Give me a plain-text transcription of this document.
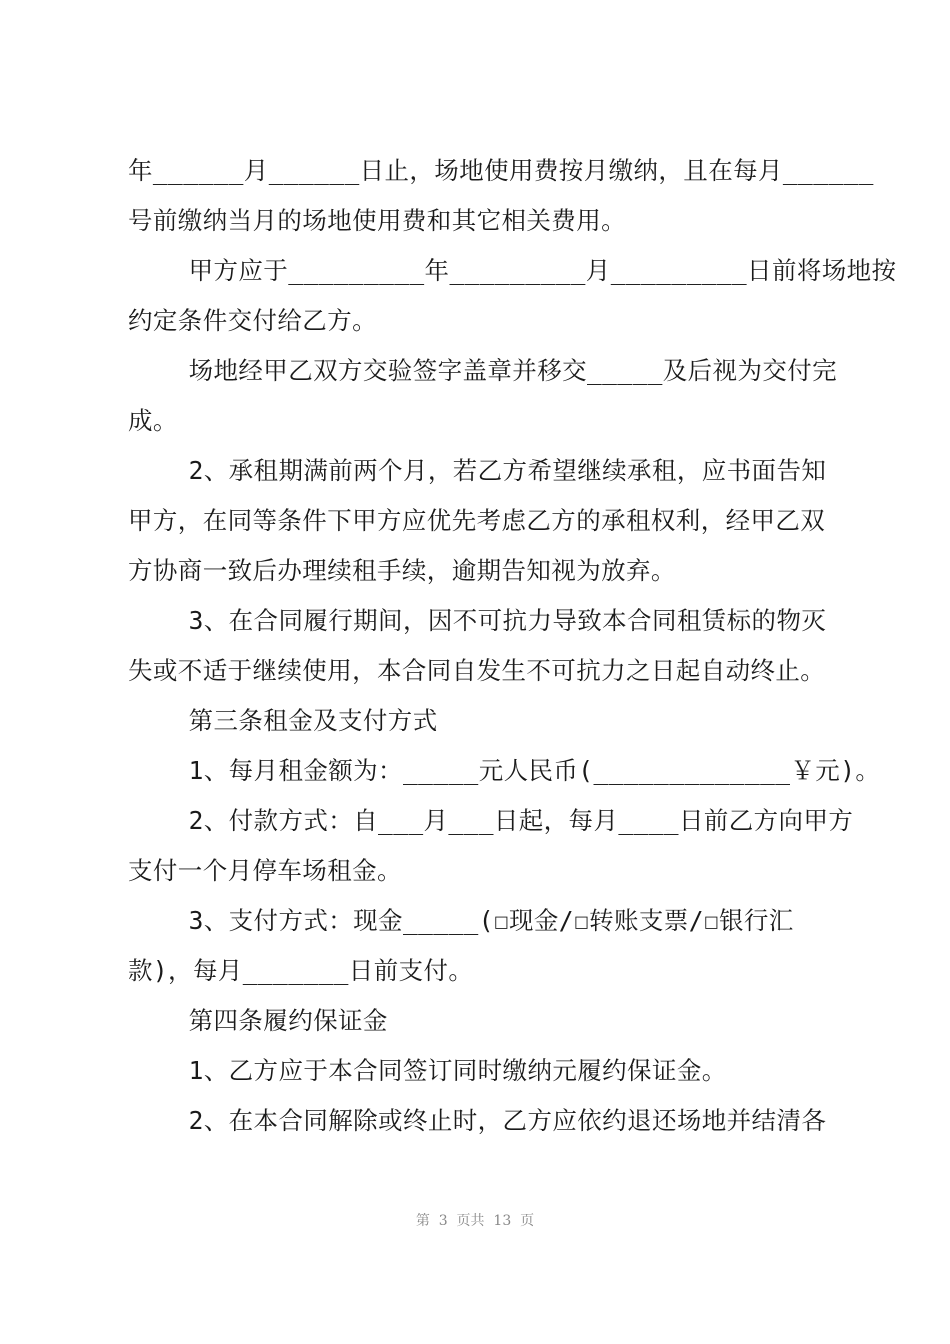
年______月______日止，场地使用费按月缴纳，且在每月______
号前缴纳当月的场地使用费和其它相关费用。
甲方应于_________年_________月_________日前将场地按
约定条件交付给乙方。
场地经甲乙双方交验签字盖章并移交_____及后视为交付完
成。
2、承租期满前两个月，若乙方希望继续承租，应书面告知
甲方，在同等条件下甲方应优先考虑乙方的承租权利，经甲乙双
方协商一致后办理续租手续，逾期告知视为放弃。
3、在合同履行期间，因不可抗力导致本合同租赁标的物灭
失或不适于继续使用，本合同自发生不可抗力之日起自动终止。
第三条租金及支付方式
1、每月租金额为：_____元人民币(_____________￥元)。
2、付款方式：自___月___日起，每月____日前乙方向甲方
支付一个月停车场租金。
3、支付方式：现金_____(☐现金/☐转账支票/☐银行汇
款)，每月_______日前支付。
第四条履约保证金
1、乙方应于本合同签订同时缴纳元履约保证金。
2、在本合同解除或终止时，乙方应依约退还场地并结清各
第  3  页共  13  页
